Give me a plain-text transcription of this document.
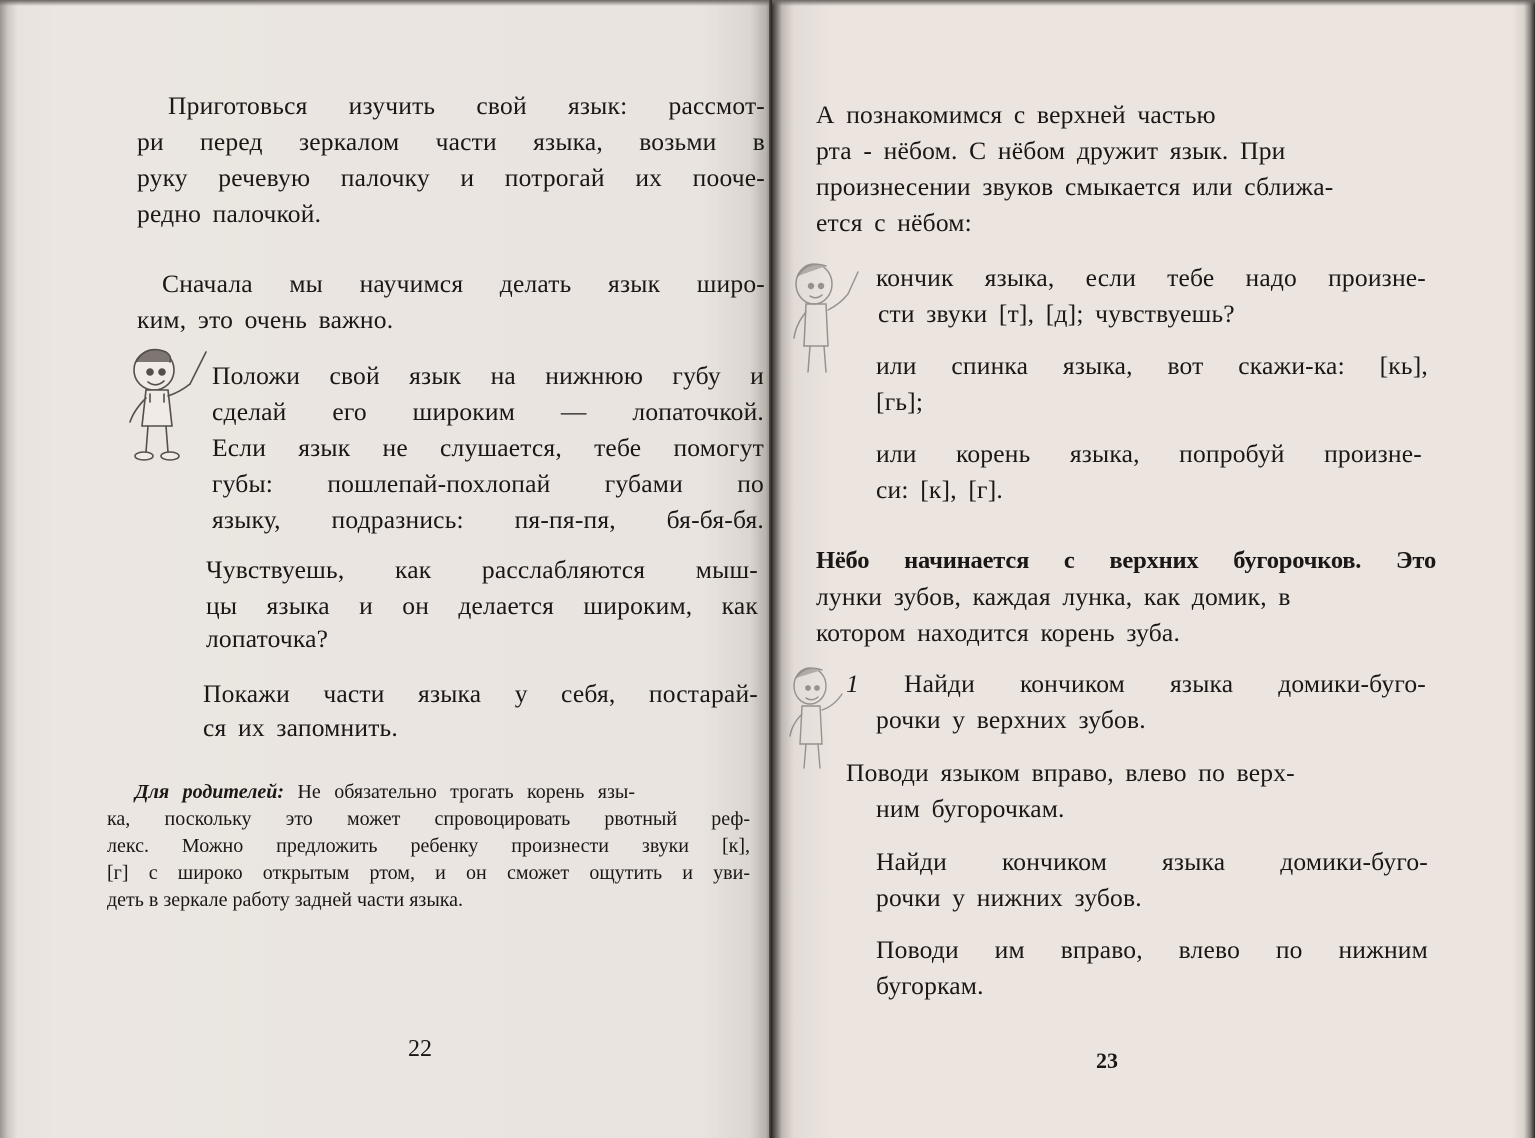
Приготовься изучить свой язык: рассмот-
ри перед зеркалом части языка, возьми в
руку речевую палочку и потрогай их пооче-
редно палочкой.
Сначала мы научимся делать язык широ-
ким, это очень важно.
Положи свой язык на нижнюю губу и
сделай его широким — лопаточкой.
Если язык не слушается, тебе помогут
губы: пошлепай-похлопай губами по
языку, подразнись: пя-пя-пя, бя-бя-бя.
Чувствуешь, как расслабляются мыш-
цы языка и он делается широким, как
лопаточка?
Покажи части языка у себя, постарай-
ся их запомнить.
Для родителей: Не обязательно трогать корень язы-
ка, поскольку это может спровоцировать рвотный реф-
лекс. Можно предложить ребенку произнести звуки [к],
[г] с широко открытым ртом, и он сможет ощутить и уви-
деть в зеркале работу задней части языка.
22
А познакомимся с верхней частью
рта - нёбом. С нёбом дружит язык. При
произнесении звуков смыкается или сближа-
ется с нёбом:
кончик языка, если тебе надо произне-
сти звуки [т], [д]; чувствуешь?
или спинка языка, вот скажи-ка: [кь],
[гь];
или корень языка, попробуй произне-
си: [к], [г].
Нёбо начинается с верхних бугорочков. Это
лунки зубов, каждая лунка, как домик, в
котором находится корень зуба.
1 Найди кончиком языка домики-буго-
рочки у верхних зубов.
Поводи языком вправо, влево по верх-
ним бугорочкам.
Найди кончиком языка домики-буго-
рочки у нижних зубов.
Поводи им вправо, влево по нижним
бугоркам.
23
